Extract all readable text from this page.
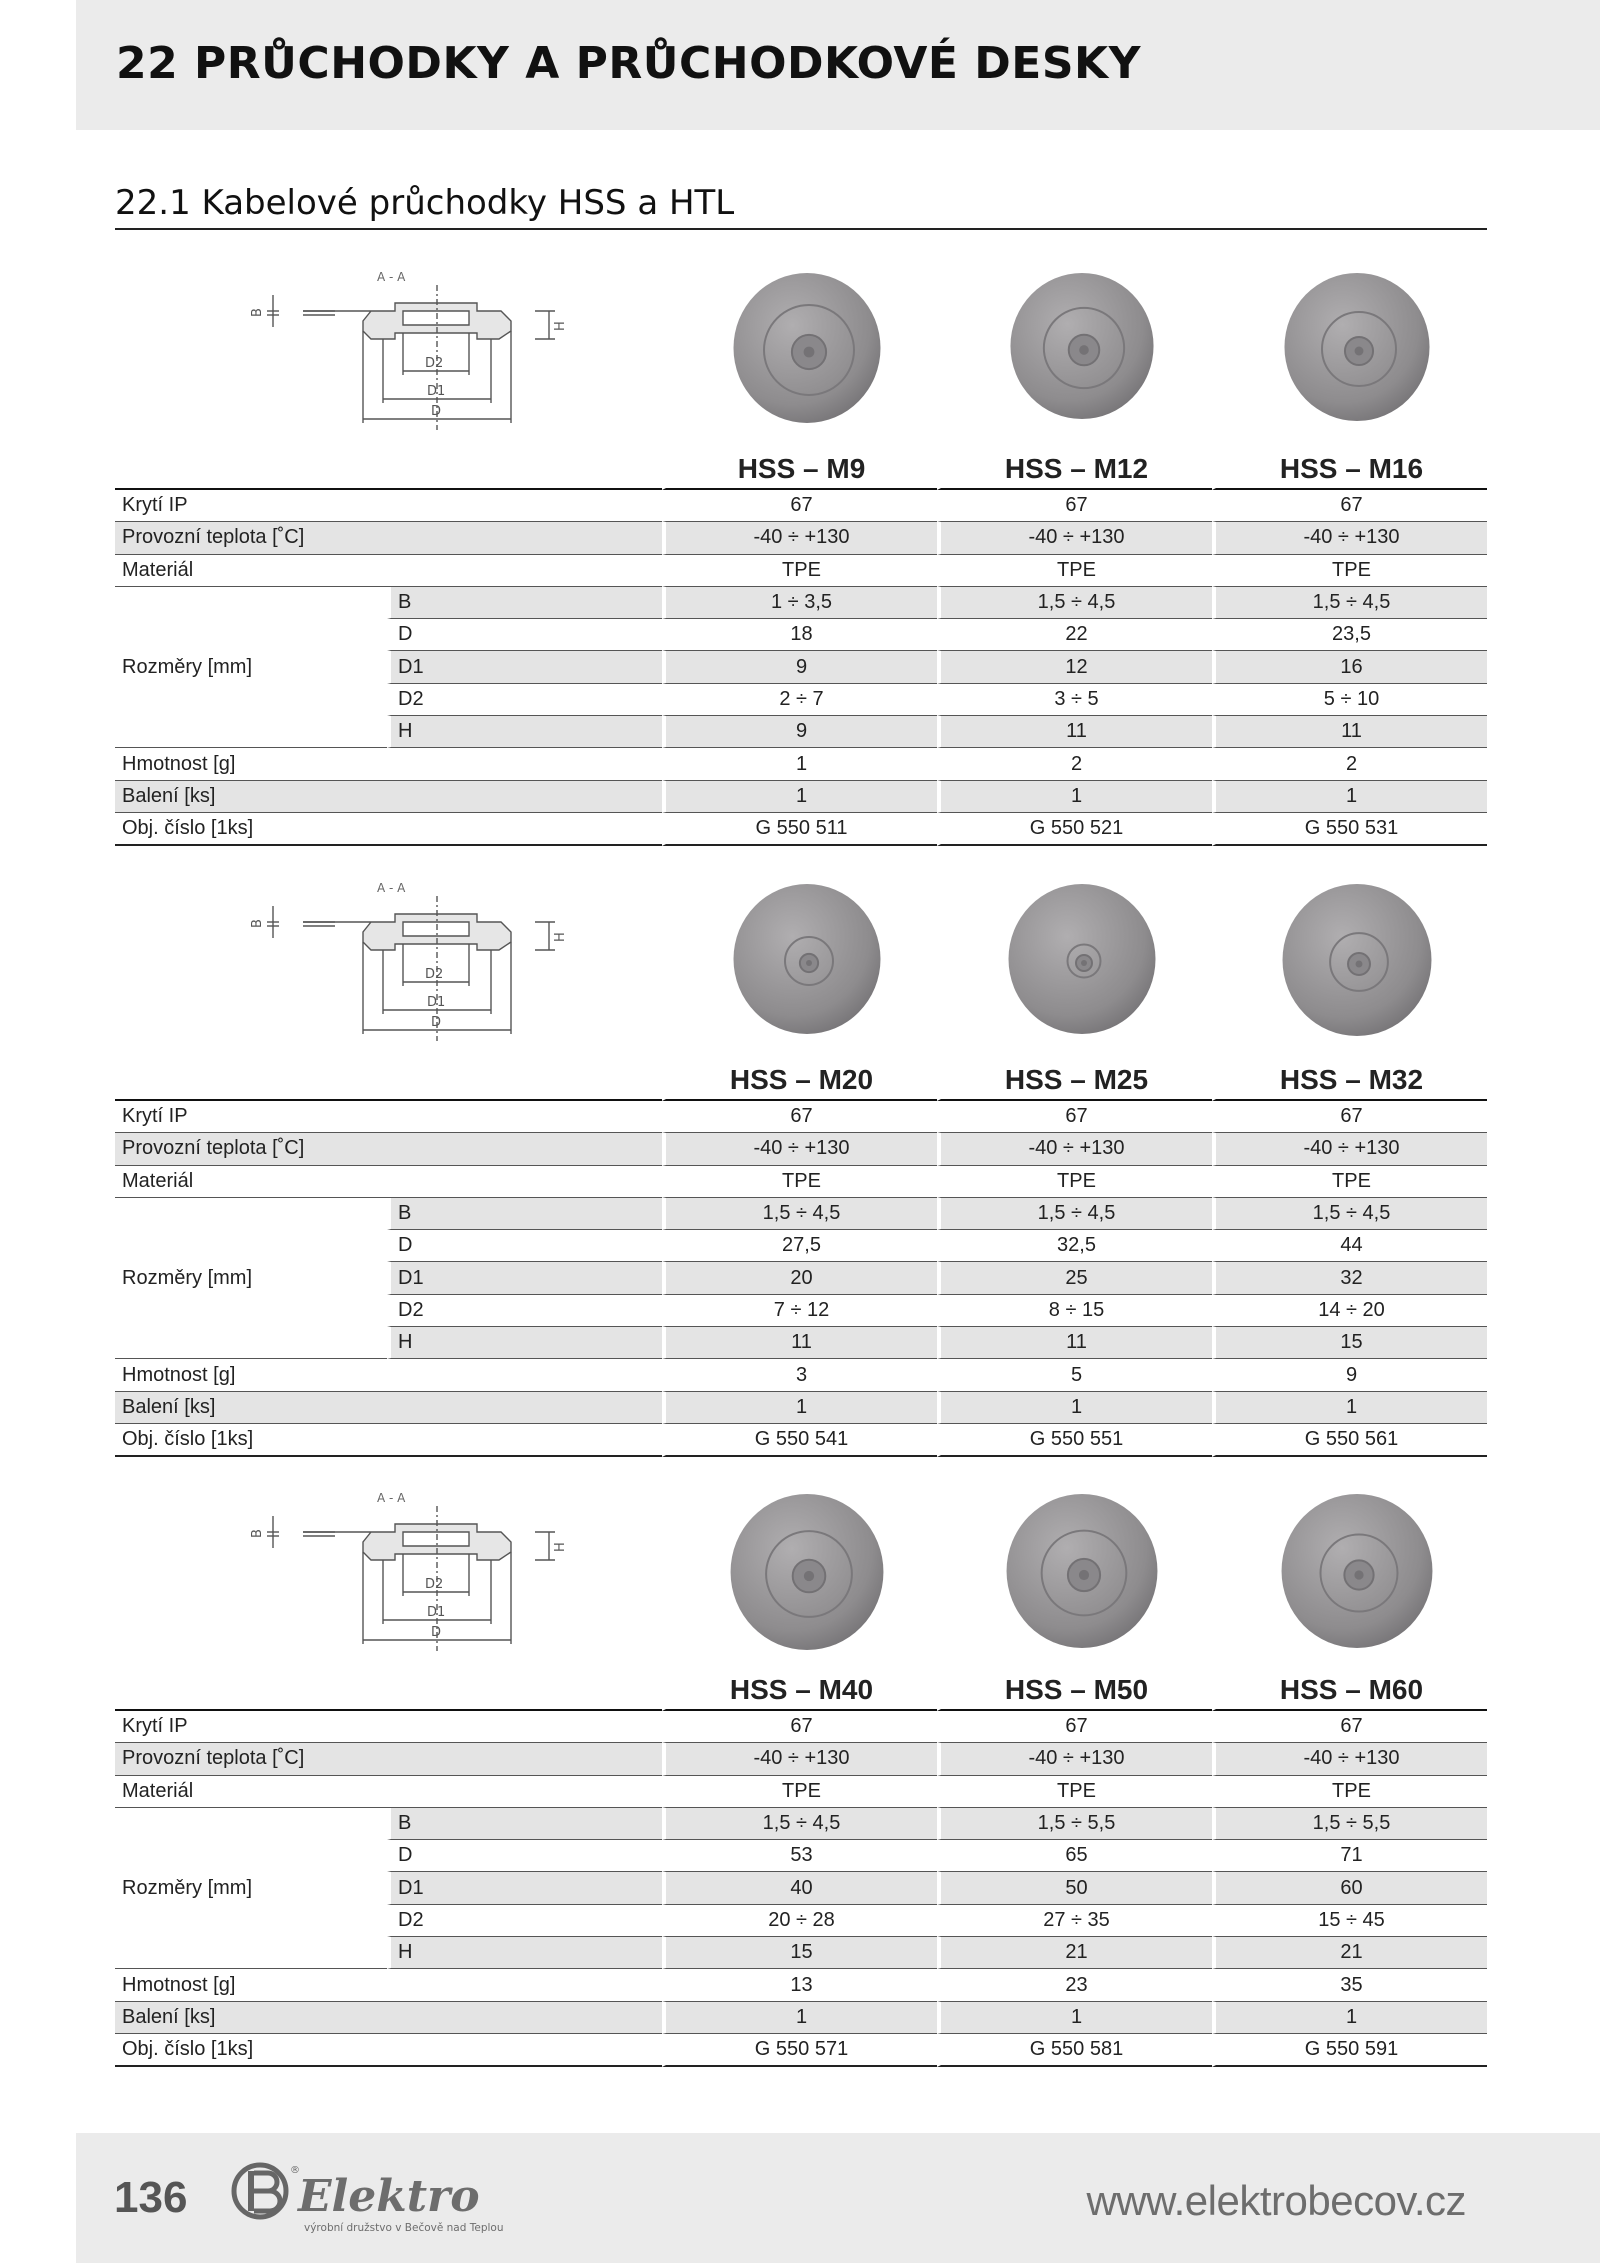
22 PRŮCHODKY A PRŮCHODKOVÉ DESKY
22.1 Kabelové průchodky HSS a HTL
A - A
B
H
D2
D1
D
		HSS – M9	HSS – M12	HSS – M16
Krytí IP		67	67	67
Provozní teplota [˚C]		-40 ÷ +130	-40 ÷ +130	-40 ÷ +130
Materiál		TPE	TPE	TPE
Rozměry [mm]	B	1 ÷ 3,5	1,5 ÷ 4,5	1,5 ÷ 4,5
	D	18	22	23,5
	D1	9	12	16
	D2	2 ÷ 7	3 ÷ 5	5 ÷ 10
	H	9	11	11
Hmotnost [g]		1	2	2
Balení [ks]		1	1	1
Obj. číslo [1ks]		G 550 511	G 550 521	G 550 531
A - A
B
H
D2
D1
D
		HSS – M20	HSS – M25	HSS – M32
Krytí IP		67	67	67
Provozní teplota [˚C]		-40 ÷ +130	-40 ÷ +130	-40 ÷ +130
Materiál		TPE	TPE	TPE
Rozměry [mm]	B	1,5 ÷ 4,5	1,5 ÷ 4,5	1,5 ÷ 4,5
	D	27,5	32,5	44
	D1	20	25	32
	D2	7 ÷ 12	8 ÷ 15	14 ÷ 20
	H	11	11	15
Hmotnost [g]		3	5	9
Balení [ks]		1	1	1
Obj. číslo [1ks]		G 550 541	G 550 551	G 550 561
A - A
B
H
D2
D1
D
		HSS – M40	HSS – M50	HSS – M60
Krytí IP		67	67	67
Provozní teplota [˚C]		-40 ÷ +130	-40 ÷ +130	-40 ÷ +130
Materiál		TPE	TPE	TPE
Rozměry [mm]	B	1,5 ÷ 4,5	1,5 ÷ 5,5	1,5 ÷ 5,5
	D	53	65	71
	D1	40	50	60
	D2	20 ÷ 28	27 ÷ 35	15 ÷ 45
	H	15	21	21
Hmotnost [g]		13	23	35
Balení [ks]		1	1	1
Obj. číslo [1ks]		G 550 571	G 550 581	G 550 591
136
®
Elektro
výrobní družstvo v Bečově nad Teplou
www.elektrobecov.cz
